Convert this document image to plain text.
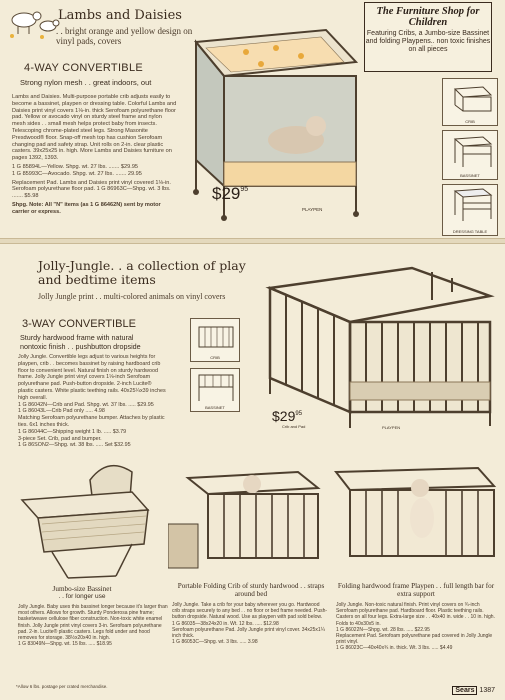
Lambs and Daisies
. . bright orange and yellow design on vinyl pads, covers
4-WAY CONVERTIBLE
Strong nylon mesh . . great indoors, out
Lambs and Daisies. Multi-purpose portable crib adjusts easily to become a bassinet, playpen or dressing table. Colorful Lambs and Daisies print vinyl covers 1⅛-in. thick Serofoam polyurethane floor pad. Yellow or avocado vinyl on sturdy steel frame and nylon mesh sides . . small mesh helps protect baby from insects. Telescoping chrome-plated steel legs. Strong Masonite Presdwood® floor. Snap-off mesh top has cushion Serofoam changing pad and safety strap. Unit rolls on 2-in. clear plastic casters. 39x25x25 in. high. More Lambs and Daisies furniture on pages 1392, 1393.
1 G 85894L—Yellow. Shpg. wt. 27 lbs. ....... $29.95
1 G 85993C—Avocado. Shpg. wt. 27 lbs. ....... 29.95
Replacement Pad. Lambs and Daisies print vinyl covered 1⅛-in. Serofoam polyurethane floor pad. 1 G 86963C—Shpg. wt. 3 lbs. ....... $5.98
Shpg. Note: All "N" items (as 1 G 86462N) sent by motor carrier or express.
$\$29^{95}$
PLAYPEN
The Furniture Shop for Children
Featuring Cribs, a Jumbo-size Bassinet and folding Playpens.. non toxic finishes on all pieces
CRIB
BASSINET
DRESSING TABLE
Jolly-Jungle. . a collection of play and bedtime items
Jolly Jungle print . . multi-colored animals on vinyl covers
3-WAY CONVERTIBLE
Sturdy hardwood frame with natural nontoxic finish . . pushbutton dropside
Jolly Jungle. Convertible legs adjust to various heights for playpen, crib . . becomes bassinet by raising hardboard crib floor to convenient level. Natural finish on sturdy hardwood frame. Jolly Jungle print vinyl covers 1⅛-inch Serofoam polyurethane pad. Push-button dropside. 2-inch Lucite® plastic casters. White plastic teething rails. 40x25¼x39 inches high overall.
1 G 86042N—Crib and Pad. Shpg. wt. 37 lbs. ..... $29.95
1 G 86043L—Crib Pad only ..... 4.98
Matching Serofoam polyurethane bumper. Attaches by plastic ties. 6x1 inches thick.
1 G 86044C—Shipping weight 1 lb. ..... $3.79
3-piece Set. Crib, pad and bumper.
1 G 86SON2—Shpg. wt. 38 lbs. ..... Set $32.95
CRIB
BASSINET
$\$29^{95}$
Crib and Pad	PLAYPEN
Jumbo-size Bassinet
. . for longer use
Jolly Jungle. Baby uses this bassinet longer because it's larger than most others. Allows for growth. Sturdy Ponderosa pine frame; basketweave cellulose fiber construction. Non-toxic white enamel finish. Jolly Jungle print vinyl covers 3-in. Serofoam polyurethane pad. 2-in. Lucite® plastic casters. Legs fold under and hood removes for storage. 38½x20x40 in. high.
1 G 83049N—Shpg. wt. 15 lbs. ..... $18.95
Portable Folding Crib of sturdy hardwood . . straps around bed
Jolly Jungle. Take a crib for your baby wherever you go. Hardwood crib straps securely to any bed . . no floor or bed frame needed. Push-button dropside. Natural wood. Use as playpen with pad sold below.
1 G 86035—38x24x20 in. Wt. 12 lbs. ..... $12.98
Serofoam polyurethane Pad. Jolly Jungle print vinyl cover. 34x25x1¼ inch thick.
1 G 86053C—Shpg. wt. 3 lbs. ..... 3.98
Folding hardwood frame Playpen . . full length bar for extra support
Jolly Jungle. Non-toxic natural finish. Print vinyl covers on ¾-inch Serofoam polyurethane pad. Hardboard floor. Plastic teething rails. Casters on all four legs. Extra-large size . . 40x40 in. wide . . 10 in. high. Folds to 40x30x5 in.
1 G 86022N—Shpg. wt. 28 lbs. ..... $22.95
Replacement Pad. Serofoam polyurethane pad covered in Jolly Jungle print vinyl.
1 G 86023C—40x40x¾ in. thick. Wt. 3 lbs. ..... $4.49
*Allow 6 lbs. postage per crated merchandise.
Sears 1387
